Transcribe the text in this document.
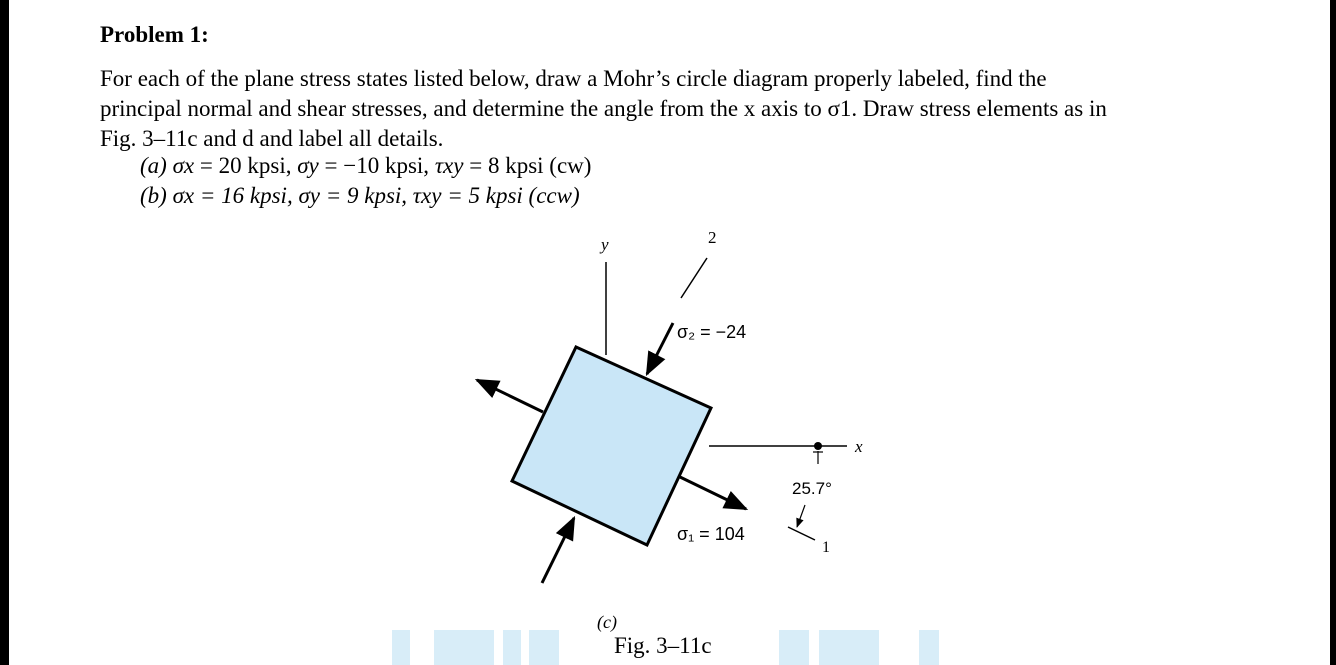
Problem 1:
For each of the plane stress states listed below, draw a Mohr’s circle diagram properly labeled, find the
principal normal and shear stresses, and determine the angle from the x axis to σ1. Draw stress elements as in
Fig. 3–11c and d and label all details.
(a) σx = 20 kpsi, σy = −10 kpsi, τxy = 8 kpsi (cw)
(b) σx = 16 kpsi, σy = 9 kpsi, τxy = 5 kpsi (ccw)
y	2
σ₂ = −24
σ₁ = 104
x
25.7°
1
(c)
Fig. 3–11c
